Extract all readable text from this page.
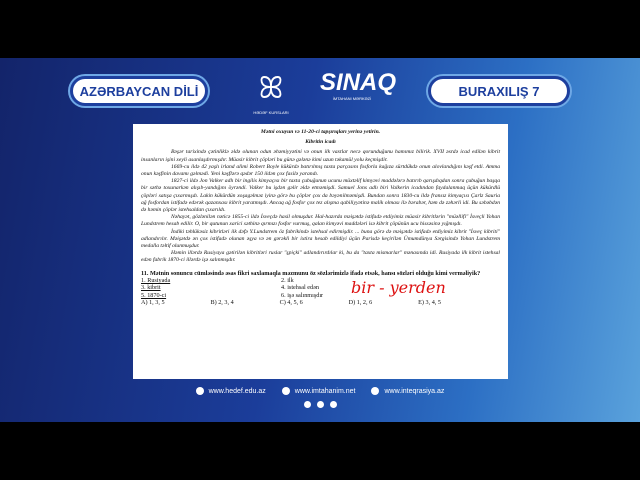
AZƏRBAYCAN DİLİ	ꕤ
HƏDƏF KURSLARI
SINAQ
İMTAHANI MƏRKƏZİ	BURAXILIŞ 7
Mətni oxuyun və 11-20-ci tapşırıqları yerinə yetirin.
Kibritin icadı
Bəşər tarixində çətinliklə əldə olunan odun əhəmiyyətini və onun ilk vaxtlar necə qorunduğunu hamımız bilirik. XVII əsrdə icad edilən kibrit insanların işini xeyli asanlaşdırmışdır. Müasir kibrit çöpləri bu günə gələnə kimi uzun təkamül yolu keçmişdir.
1669-cu ildə 42 yaşlı irland alimi Robert Boyle kükürdə batırılmış taxta parçasını fosforla kağıza sürtdükdə onun alovlandığını kəşf etdi. Amma onun kəşfinin davamı gəlmədi. Yeni kəşflərə qədər 150 ildən çox fasilə yarandı.
1827-ci ildə Jon Valker adlı bir ingilis kimyaçısı bir taxta çubuğunun ucunu müxtəlif kimyəvi maddələrə batırıb qarışdıqdan sonra çubuğun başqa bir səthə toxunarkən alışıb-yandığını öyrəndi. Valker bu işdən gəlir əldə etməmişdi. Samuel Jons adlı biri Valkerin icadından faydalanmaq üçün kükürdlü çöpləri satışa çıxarmışdı. Lakin kükürdün xoşagəlməz iyinə görə bu çöplər çox da bəyənilməmişdi. Bundan sonra 1830-cu ildə fransız kimyaçısı Çarlz Sauria ağ fosfordan istifadə edərək qazanxası kibrit yaratmışdı. Ancaq ağ fosfor çox tez alışma qabiliyyətinə malik olması ilə bərabər, həm də zəhərli idi. Bu səbəbdən də həmin çöplər istehsaldan çıxarıldı.
Nəhayət, gözlənilən nəticə 1855-ci ildə İsveçdə hasil olmuşdur. Hal-hazırda məişətdə istifadə etdiyimiz müasir kibritlərin "müəllifi" İsveçli Yohan Lundstrem hesab edilir. O, bir qutunun xarici səthinə qırmızı fosfor vurmuş, qalan kimyəvi maddələri isə kibrit çöpünün ucu hissəsinə yığmışdı.
İndiki təhlükəsiz kibritləri ilk dəfə Y.Lundstrem öz fabrikində istehsal edirmişdir. ... buna görə də məişətdə istifadə etdiyimiz kibrit "İsveç kibriti" adlandırılır. Məişətdə ən çox istifadə olunan əşya və ən gərəkli bir ixtira hesab edildiyi üçün Parisdə keçirilən Ümumdünya Sərgisində Yohan Lundstrem medalla təltif olunmuşdur.
Həmin illərdə Rusiyaya gətirilən kibritləri ruslar "şpiçki" adlandırırdılar ki, bu da "taxta mismarlar" mənasında idi. Rusiyada ilk kibrit istehsal edən fabrik 1870-ci illərdə işə salınmışdır.
11. Mətnin sonuncu cümləsində əsas fikri saxlamaqla məzmunu öz sözlərimizlə ifadə etsək, hansı sözləri olduğu kimi verməliyik?
1. Rusiyada	2. ilk
3. kibrit	4. istehsal edən
5. 1870-ci	6. işə salınmışdır	bir - yerden
A) 1, 3, 5	B) 2, 3, 4	C) 4, 5, 6	D) 1, 2, 6	E) 3, 4, 5
www.hedef.edu.az	www.imtahanim.net	www.inteqrasiya.az
